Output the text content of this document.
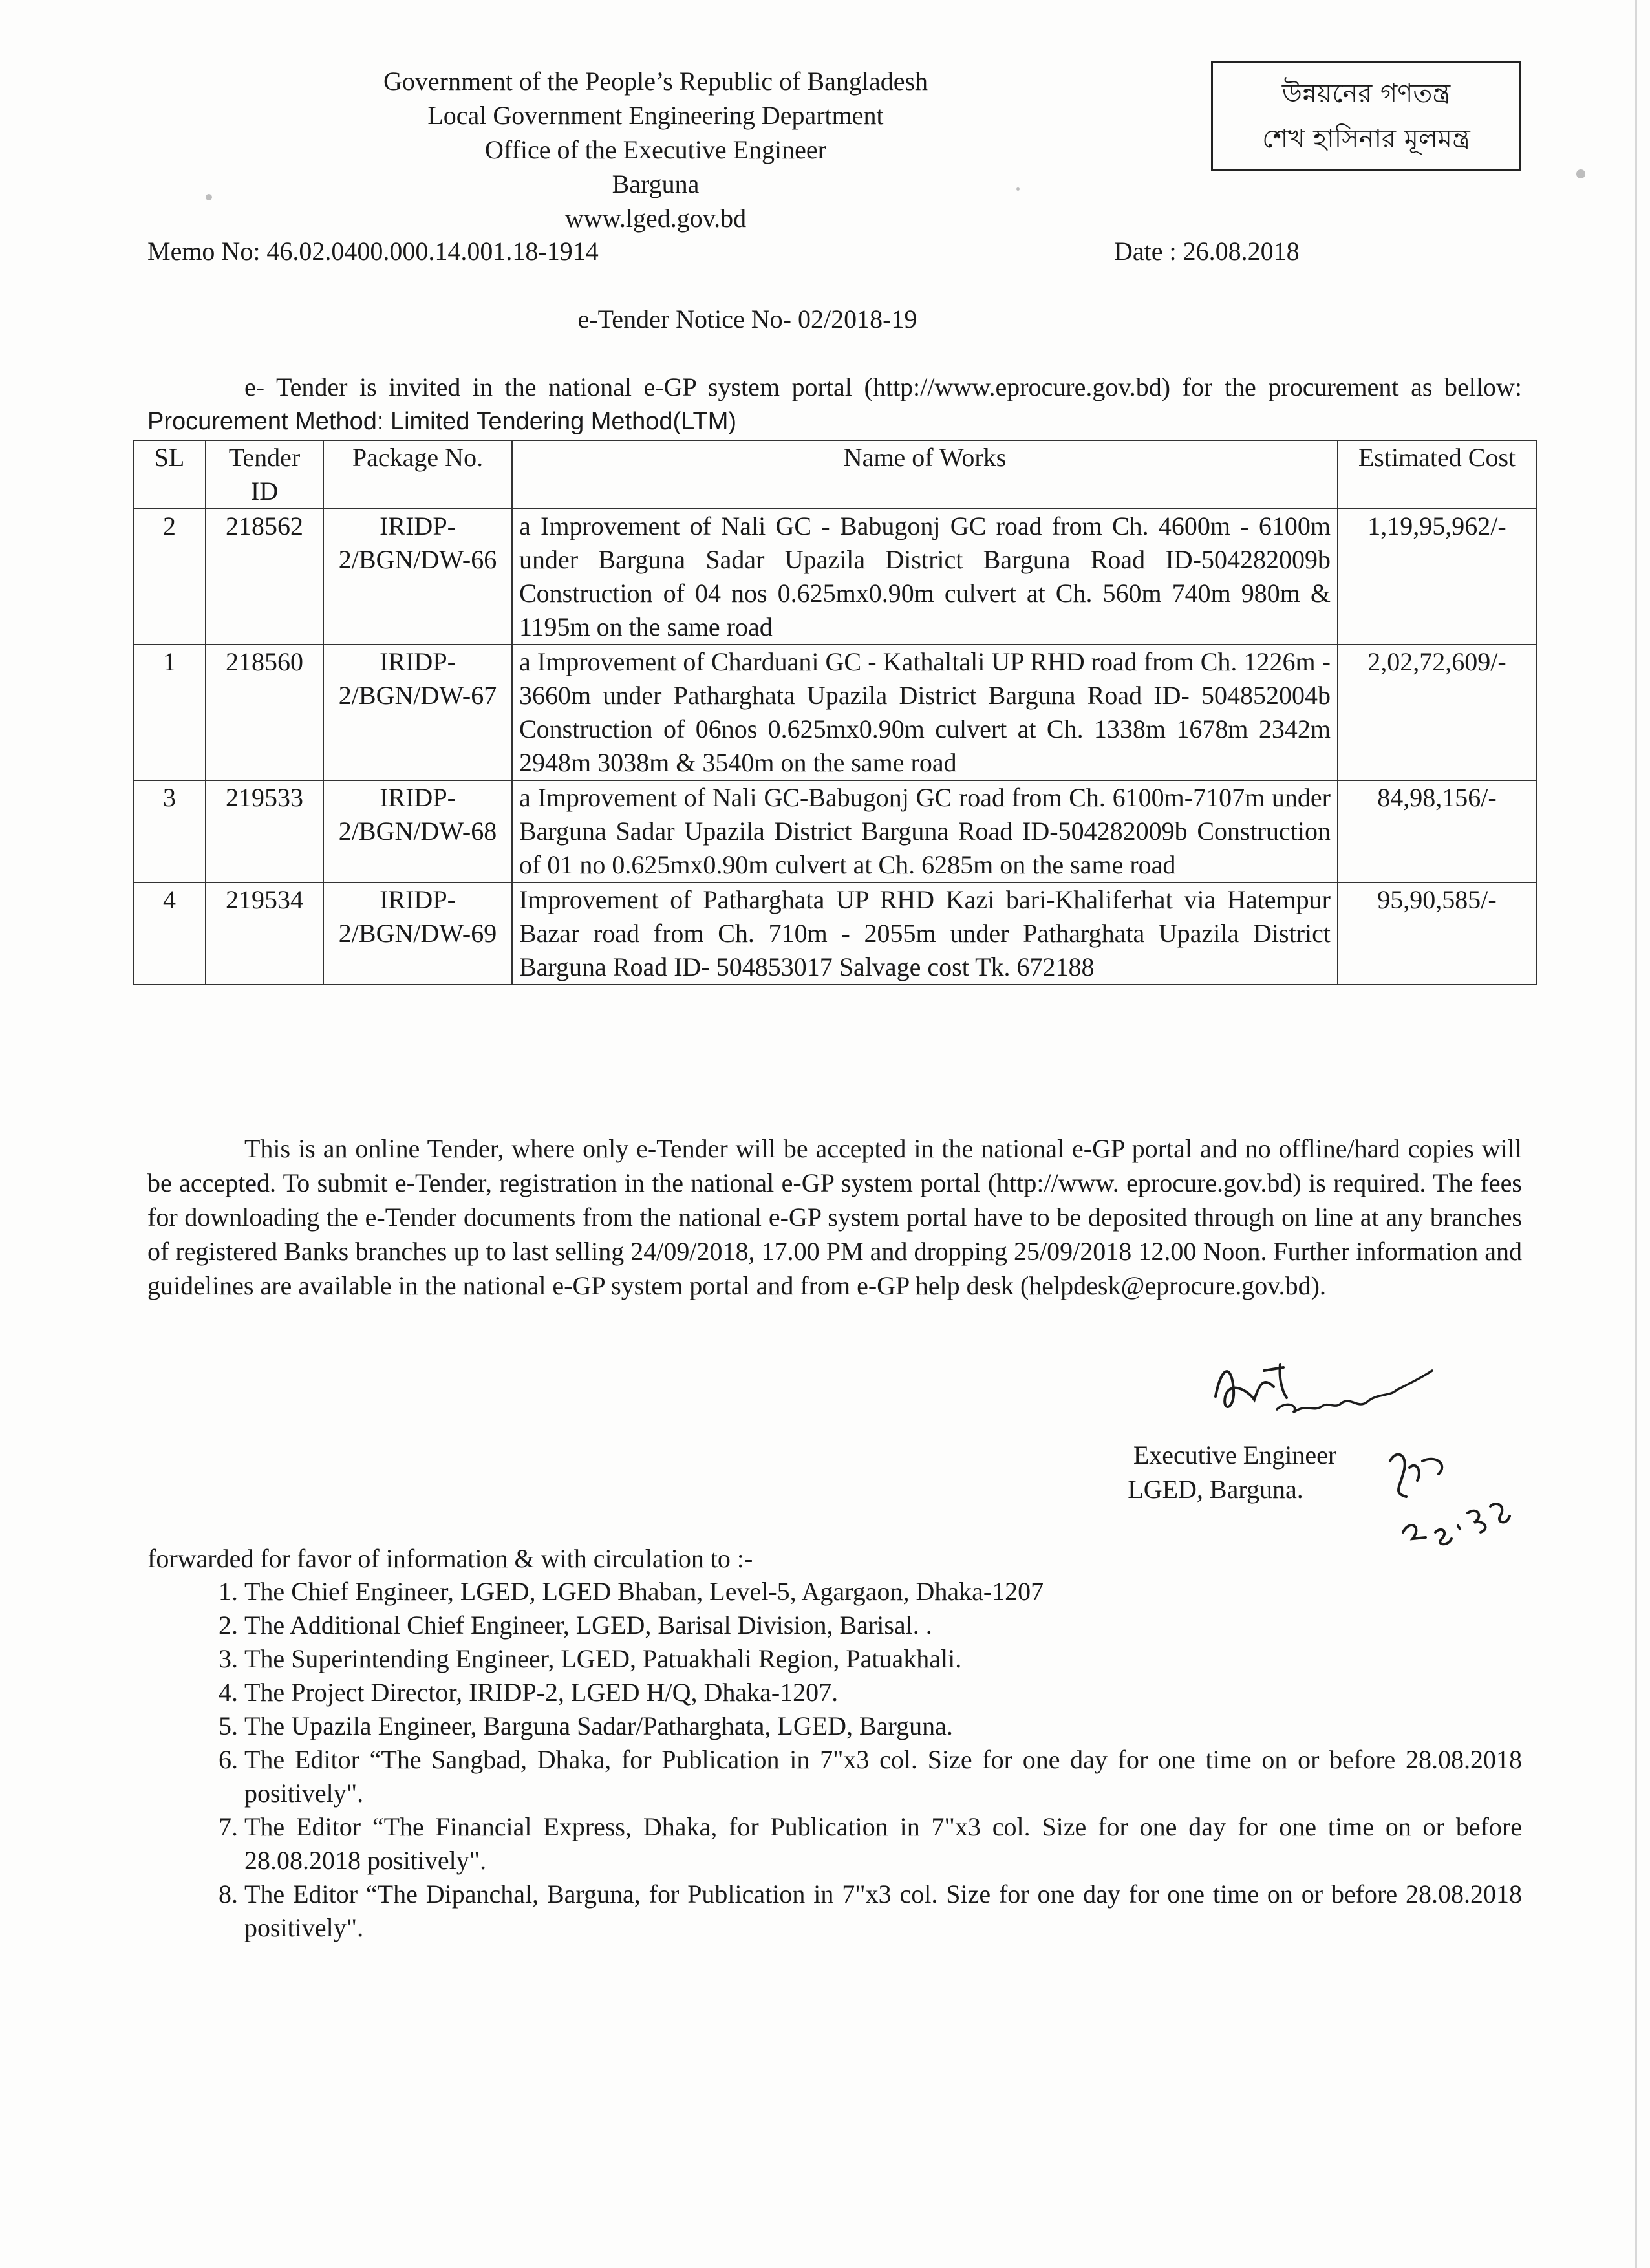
Government of the People’s Republic of Bangladesh
Local Government Engineering Department
Office of the Executive Engineer
Barguna
www.lged.gov.bd
উন্নয়নের গণতন্ত্র
শেখ হাসিনার মূলমন্ত্র
Memo No: 46.02.0400.000.14.001.18-1914	Date : 26.08.2018
e-Tender Notice No- 02/2018-19
e- Tender is invited in the national e-GP system portal (http://www.eprocure.gov.bd) for the procurement as bellow: Procurement Method: Limited Tendering Method(LTM)
SL	Tender ID	Package No.	Name of Works	Estimated Cost
2	218562	IRIDP-2/BGN/DW-66	a Improvement of Nali GC - Babugonj GC road from Ch. 4600m - 6100m under Barguna Sadar Upazila District Barguna Road ID-504282009b Construction of 04 nos 0.625mx0.90m culvert at Ch. 560m 740m 980m & 1195m on the same road	1,19,95,962/-
1	218560	IRIDP-2/BGN/DW-67	a Improvement of Charduani GC - Kathaltali UP RHD road from Ch. 1226m - 3660m under Patharghata Upazila District Barguna Road ID- 504852004b Construction of 06nos 0.625mx0.90m culvert at Ch. 1338m 1678m 2342m 2948m 3038m & 3540m on the same road	2,02,72,609/-
3	219533	IRIDP-2/BGN/DW-68	a Improvement of Nali GC-Babugonj GC road from Ch. 6100m-7107m under Barguna Sadar Upazila District Barguna Road ID-504282009b Construction of 01 no 0.625mx0.90m culvert at Ch. 6285m on the same road	84,98,156/-
4	219534	IRIDP-2/BGN/DW-69	Improvement of Patharghata UP RHD Kazi bari-Khaliferhat via Hatempur Bazar road from Ch. 710m - 2055m under Patharghata Upazila District Barguna Road ID- 504853017 Salvage cost Tk. 672188	95,90,585/-
This is an online Tender, where only e-Tender will be accepted in the national e-GP portal and no offline/hard copies will be accepted. To submit e-Tender, registration in the national e-GP system portal (http://www. eprocure.gov.bd) is required. The fees for downloading the e-Tender documents from the national e-GP system portal have to be deposited through on line at any branches of registered Banks branches up to last selling 24/09/2018, 17.00 PM and dropping 25/09/2018 12.00 Noon. Further information and guidelines are available in the national e-GP system portal and from e-GP help desk (helpdesk@eprocure.gov.bd).
Executive Engineer
LGED, Barguna.
forwarded for favor of information & with circulation to :-
1. The Chief Engineer, LGED, LGED Bhaban, Level-5, Agargaon, Dhaka-1207
2. The Additional Chief Engineer, LGED, Barisal Division, Barisal. .
3. The Superintending Engineer, LGED, Patuakhali Region, Patuakhali.
4. The Project Director, IRIDP-2, LGED H/Q, Dhaka-1207.
5. The Upazila Engineer, Barguna Sadar/Patharghata, LGED, Barguna.
6. The Editor “The Sangbad, Dhaka, for Publication in 7"x3 col. Size for one day for one time on or before 28.08.2018 positively".
7. The Editor “The Financial Express, Dhaka, for Publication in 7"x3 col. Size for one day for one time on or before 28.08.2018 positively".
8. The Editor “The Dipanchal, Barguna, for Publication in 7"x3 col. Size for one day for one time on or before 28.08.2018 positively".
